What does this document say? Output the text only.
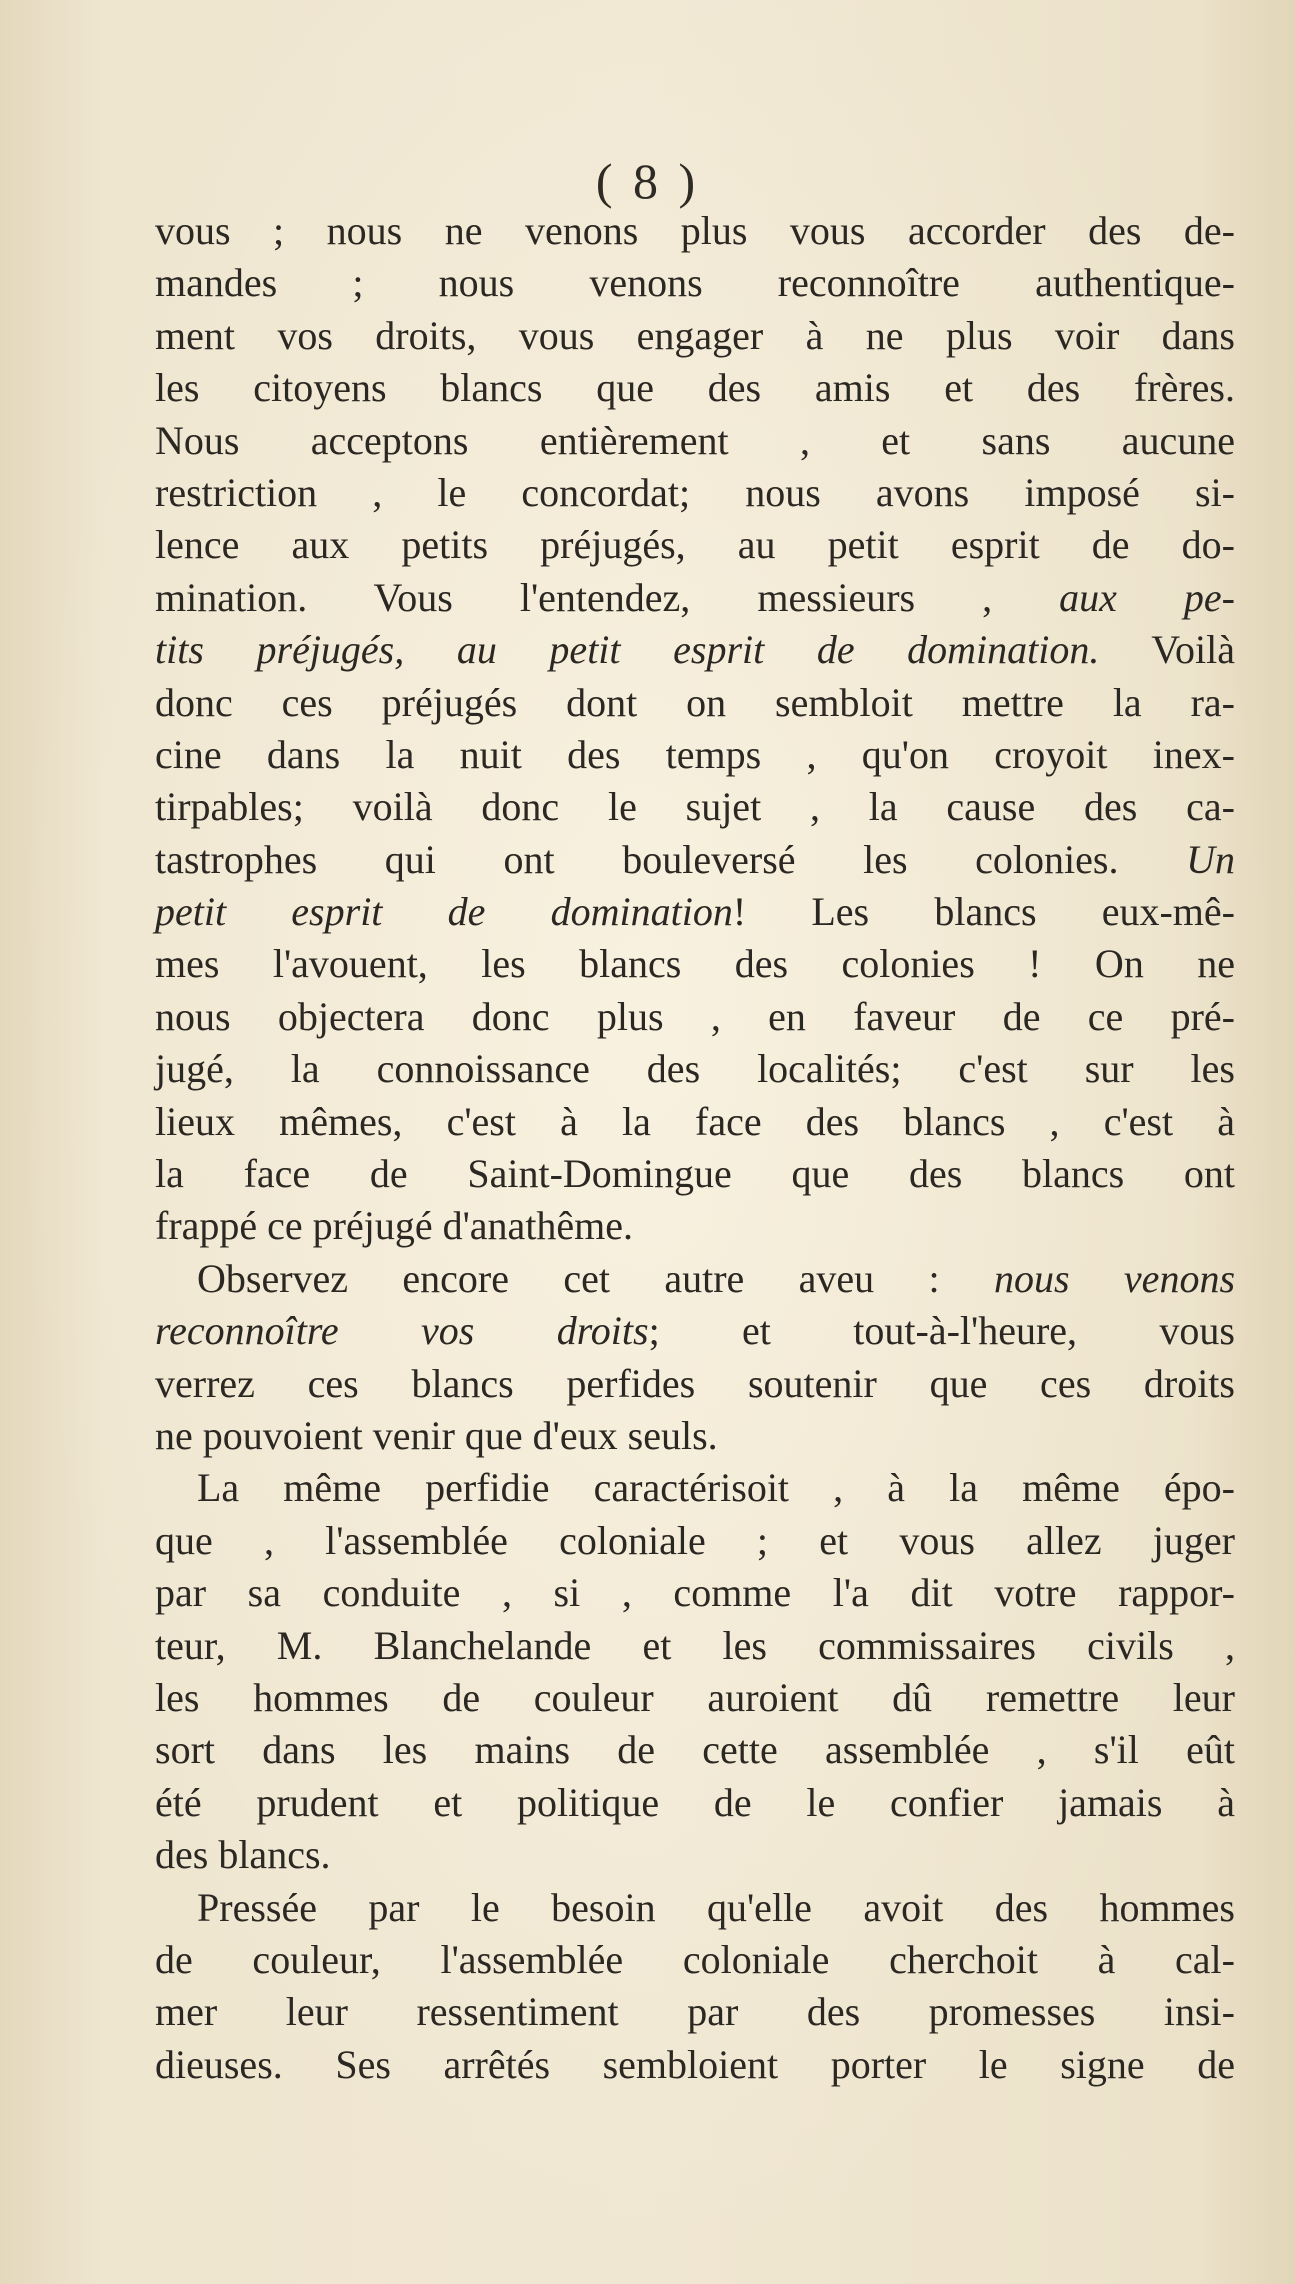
( 8 )
vous ; nous ne venons plus vous accorder des de-
mandes ; nous venons reconnoître authentique-
ment vos droits, vous engager à ne plus voir dans
les citoyens blancs que des amis et des frères.
Nous acceptons entièrement , et sans aucune
restriction , le concordat; nous avons imposé si-
lence aux petits préjugés, au petit esprit de do-
mination. Vous l'entendez, messieurs , aux pe-
tits préjugés, au petit esprit de domination. Voilà
donc ces préjugés dont on sembloit mettre la ra-
cine dans la nuit des temps , qu'on croyoit inex-
tirpables; voilà donc le sujet , la cause des ca-
tastrophes qui ont bouleversé les colonies. Un
petit esprit de domination! Les blancs eux-mê-
mes l'avouent, les blancs des colonies ! On ne
nous objectera donc plus , en faveur de ce pré-
jugé, la connoissance des localités; c'est sur les
lieux mêmes, c'est à la face des blancs , c'est à
la face de Saint-Domingue que des blancs ont
frappé ce préjugé d'anathême.
Observez encore cet autre aveu : nous venons
reconnoître vos droits; et tout-à-l'heure, vous
verrez ces blancs perfides soutenir que ces droits
ne pouvoient venir que d'eux seuls.
La même perfidie caractérisoit , à la même épo-
que , l'assemblée coloniale ; et vous allez juger
par sa conduite , si , comme l'a dit votre rappor-
teur, M. Blanchelande et les commissaires civils ,
les hommes de couleur auroient dû remettre leur
sort dans les mains de cette assemblée , s'il eût
été prudent et politique de le confier jamais à
des blancs.
Pressée par le besoin qu'elle avoit des hommes
de couleur, l'assemblée coloniale cherchoit à cal-
mer leur ressentiment par des promesses insi-
dieuses. Ses arrêtés sembloient porter le signe de
